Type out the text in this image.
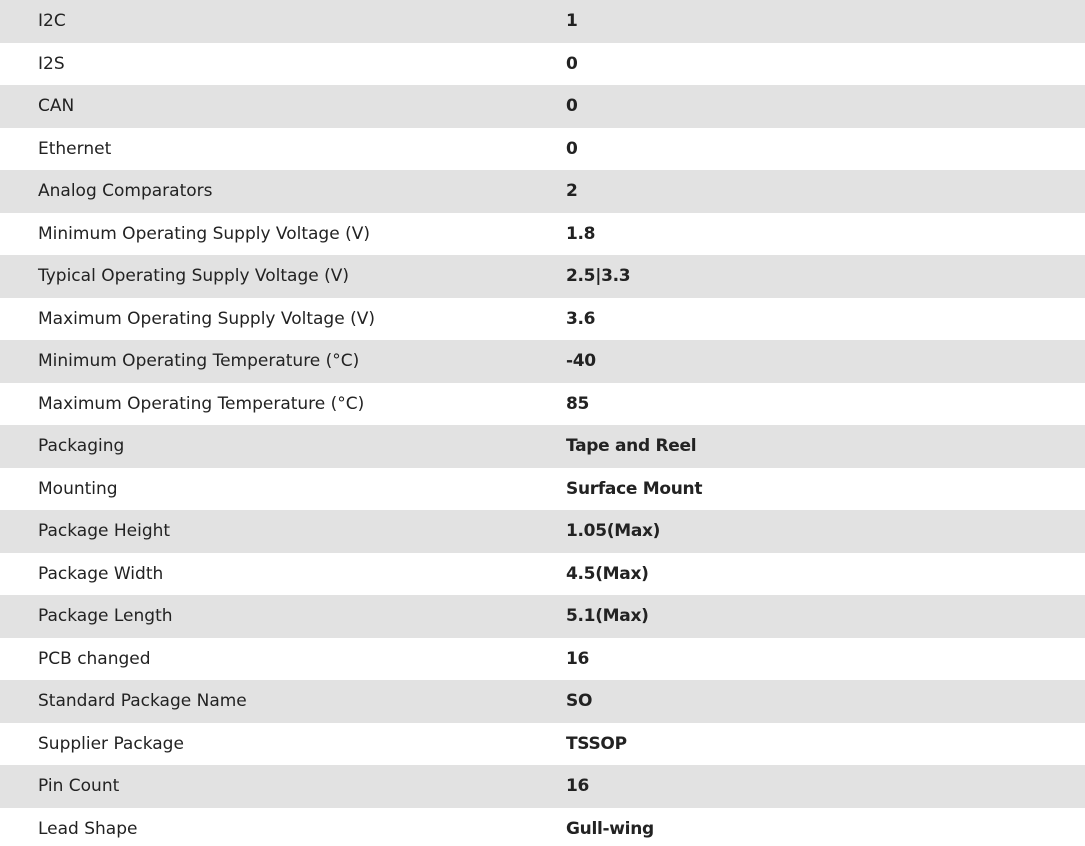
I2C	1
I2S	0
CAN	0
Ethernet	0
Analog Comparators	2
Minimum Operating Supply Voltage (V)	1.8
Typical Operating Supply Voltage (V)	2.5|3.3
Maximum Operating Supply Voltage (V)	3.6
Minimum Operating Temperature (°C)	-40
Maximum Operating Temperature (°C)	85
Packaging	Tape and Reel
Mounting	Surface Mount
Package Height	1.05(Max)
Package Width	4.5(Max)
Package Length	5.1(Max)
PCB changed	16
Standard Package Name	SO
Supplier Package	TSSOP
Pin Count	16
Lead Shape	Gull-wing
